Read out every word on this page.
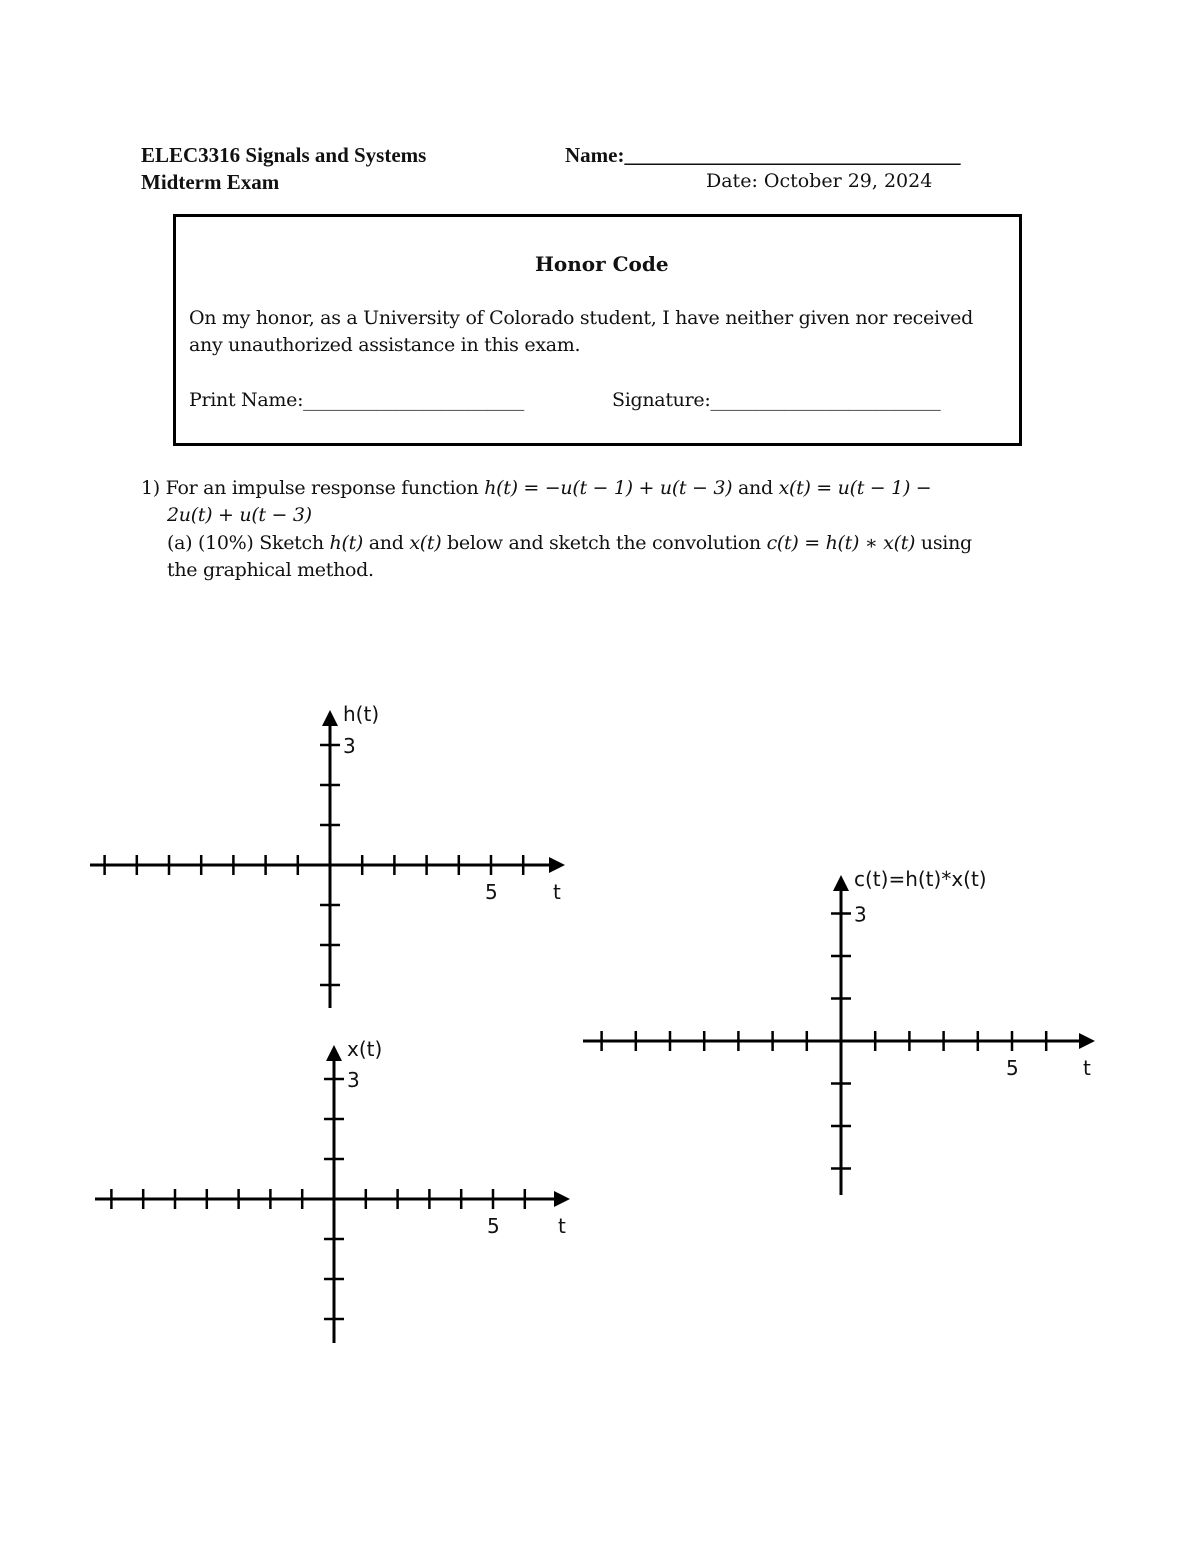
ELEC3316 Signals and Systems
Midterm Exam
Name:________________________________
Date: October 29, 2024
Honor Code
On my honor, as a University of Colorado student, I have neither given nor received
any unauthorized assistance in this exam.
Print Name:________________________	Signature:_________________________
1) For an impulse response function h(t) = −u(t − 1) + u(t − 3) and x(t) = u(t − 1) −
2u(t) + u(t − 3)
(a) (10%) Sketch h(t) and x(t) below and sketch the convolution c(t) = h(t) ∗ x(t) using
the graphical method.
h(t)
3
5	t
x(t)
3
5	t
c(t)=h(t)*x(t)
3
5	t
